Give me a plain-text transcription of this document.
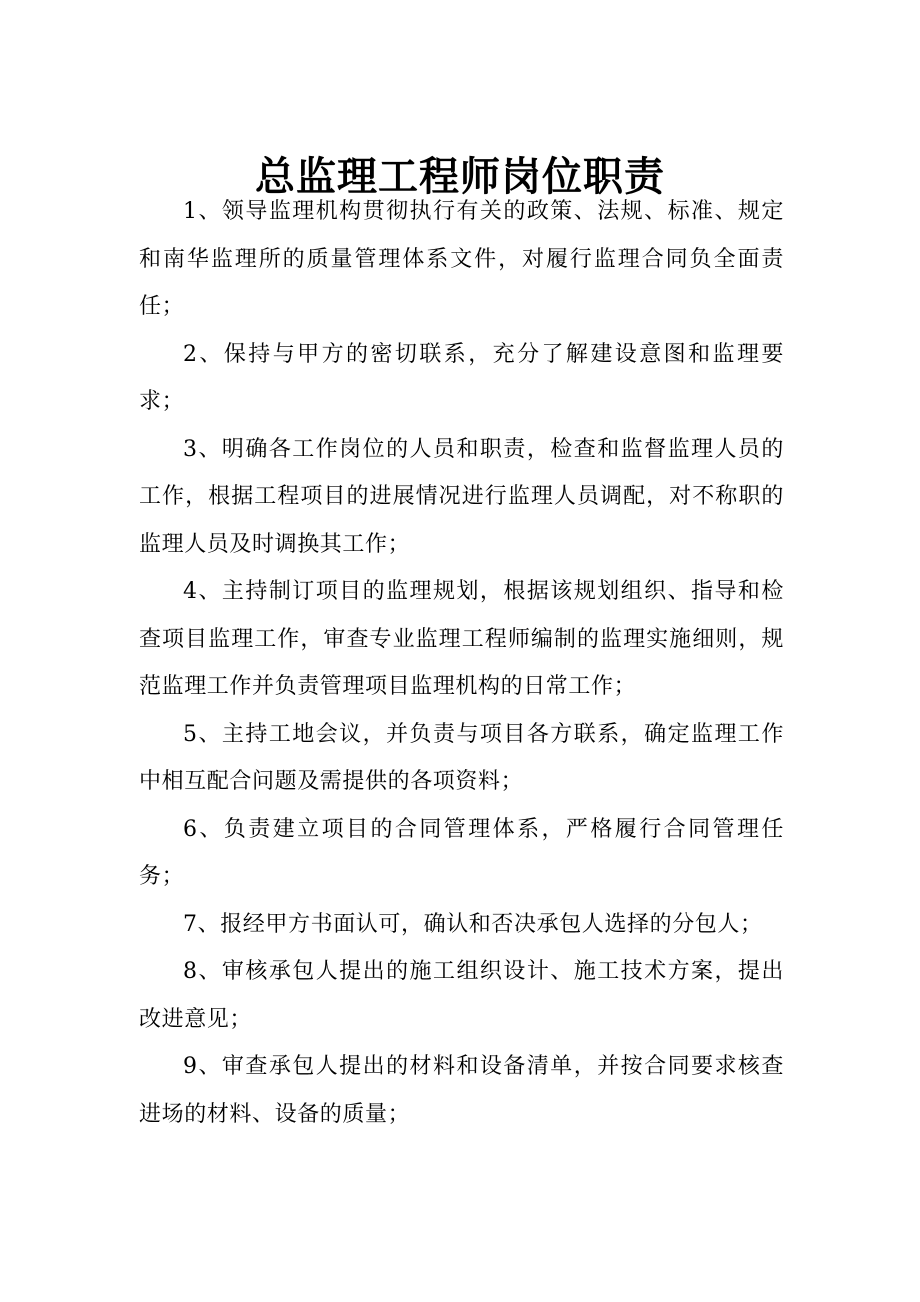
总监理工程师岗位职责

1、领导监理机构贯彻执行有关的政策、法规、标准、规定和南华监理所的质量管理体系文件，对履行监理合同负全面责任；

2、保持与甲方的密切联系，充分了解建设意图和监理要求；

3、明确各工作岗位的人员和职责，检查和监督监理人员的工作，根据工程项目的进展情况进行监理人员调配，对不称职的监理人员及时调换其工作；

4、主持制订项目的监理规划，根据该规划组织、指导和检查项目监理工作，审查专业监理工程师编制的监理实施细则，规范监理工作并负责管理项目监理机构的日常工作；

5、主持工地会议，并负责与项目各方联系，确定监理工作中相互配合问题及需提供的各项资料；

6、负责建立项目的合同管理体系，严格履行合同管理任务；

7、报经甲方书面认可，确认和否决承包人选择的分包人；

8、审核承包人提出的施工组织设计、施工技术方案，提出改进意见；

9、审查承包人提出的材料和设备清单，并按合同要求核查进场的材料、设备的质量；
